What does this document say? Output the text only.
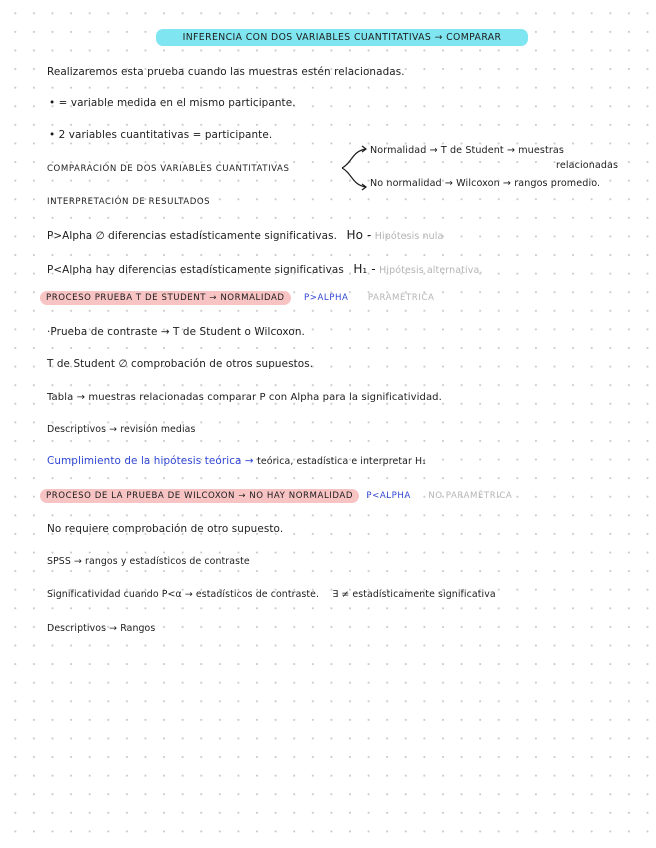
INFERENCIA CON DOS VARIABLES CUANTITATIVAS → COMPARAR
Realizaremos esta prueba cuando las muestras estén relacionadas.
• = variable medida en el mismo participante.
• 2 variables cuantitativas = participante.
COMPARACIÓN DE DOS VARIABLES CUANTITATIVAS
Normalidad → T de Student → muestras
relacionadas
No normalidad → Wilcoxon → rangos promedio.
INTERPRETACIÓN DE RESULTADOS
P>Alpha ∅ diferencias estadísticamente significativas. Ho - Hipótesis nula
P<Alpha hay diferencias estadísticamente significativas H₁ - Hipótesis alternativa.
PROCESO PRUEBA T DE STUDENT → NORMALIDAD P>ALPHA PARAMÉTRICA
·Prueba de contraste → T de Student o Wilcoxon.
T de Student ∅ comprobación de otros supuestos.
Tabla → muestras relacionadas comparar P con Alpha para la significatividad.
Descriptivos → revisión medias
Cumplimiento de la hipótesis teórica → teórica, estadística e interpretar H₁
PROCESO DE LA PRUEBA DE WILCOXON → NO HAY NORMALIDAD P<ALPHA NO PARAMÉTRICA
No requiere comprobación de otro supuesto.
SPSS → rangos y estadísticos de contraste
Significatividad cuando P<α → estadísticos de contraste. ∃ ≠ estadísticamente significativa
Descriptivos → Rangos
